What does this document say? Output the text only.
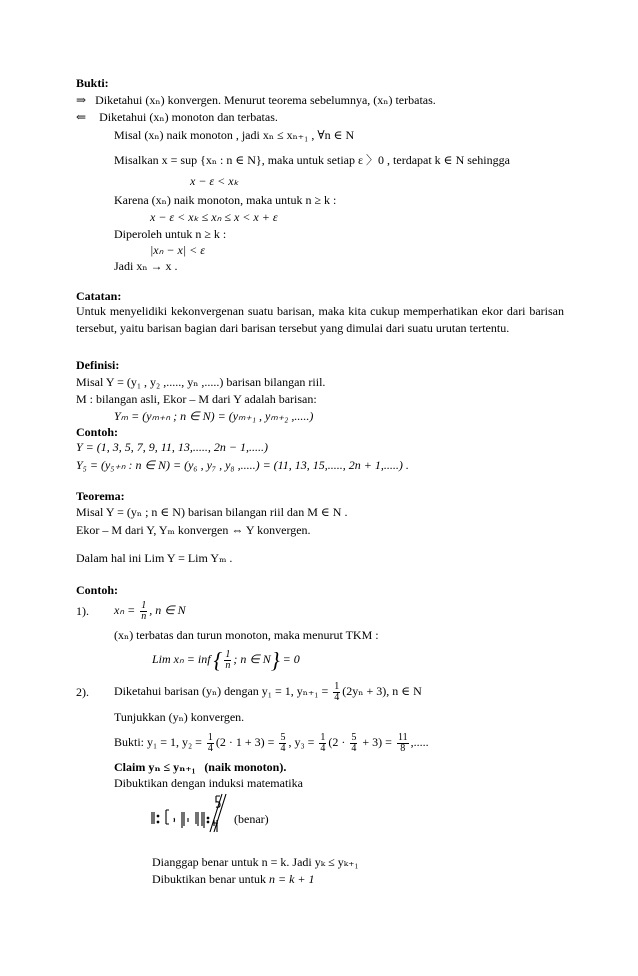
Bukti:
⇒ Diketahui (xₙ) konvergen. Menurut teorema sebelumnya, (xₙ) terbatas.
⇐ Diketahui (xₙ) monoton dan terbatas.
Misal (xₙ) naik monoton , jadi xₙ ≤ xₙ₊₁ , ∀n ∈ N
Misalkan x = sup {xₙ : n ∈ N}, maka untuk setiap ε 〉0 , terdapat k ∈ N sehingga
x − ε < xₖ
Karena (xₙ) naik monoton, maka untuk n ≥ k :
x − ε < xₖ ≤ xₙ ≤ x < x + ε
Diperoleh untuk n ≥ k :
|xₙ − x| < ε
Jadi xₙ → x .
Catatan:
Untuk menyelidiki kekonvergenan suatu barisan, maka kita cukup memperhatikan ekor dari barisan tersebut, yaitu barisan bagian dari barisan tersebut yang dimulai dari suatu urutan tertentu.
Definisi:
Misal Y = (y₁ , y₂ ,....., yₙ ,.....) barisan bilangan riil.
M : bilangan asli, Ekor – M dari Y adalah barisan:
Yₘ = (yₘ₊ₙ ; n ∈ N) = (yₘ₊₁ , yₘ₊₂ ,.....)
Contoh:
Y = (1, 3, 5, 7, 9, 11, 13,....., 2n − 1,.....)
Y₅ = (y₅₊ₙ : n ∈ N) = (y₆ , y₇ , y₈ ,.....) = (11, 13, 15,....., 2n + 1,.....) .
Teorema:
Misal Y = (yₙ ; n ∈ N) barisan bilangan riil dan M ∈ N .
Ekor – M dari Y, Yₘ konvergen ⇔ Y konvergen.
Dalam hal ini Lim Y = Lim Yₘ .
Contoh:
1). $x_n = \frac{1}{n}$ , n ∈ N
(xₙ) terbatas dan turun monoton, maka menurut TKM :
Lim xₙ = inf { $\frac{1}{n}$ ; n ∈ N} = 0
2). Diketahui barisan (yₙ) dengan y₁ = 1, $y_{n+1} = \frac{1}{4} (2y_n + 3)$, n ∈ N
Tunjukkan (yₙ) konvergen.
Bukti: y₁ = 1, $y_2 = \frac{1}{4} (2 \cdot 1 + 3) = \frac{5}{4}$ , $y_3 = \frac{1}{4} (2 \cdot \frac{5}{4} + 3) = \frac{11}{8}$ ,.....
Claim yₙ ≤ yₙ₊₁ (naik monoton).
Dibuktikan dengan induksi matematika
(benar)
Dianggap benar untuk n = k. Jadi yₖ ≤ yₖ₊₁
Dibuktikan benar untuk n = k + 1
